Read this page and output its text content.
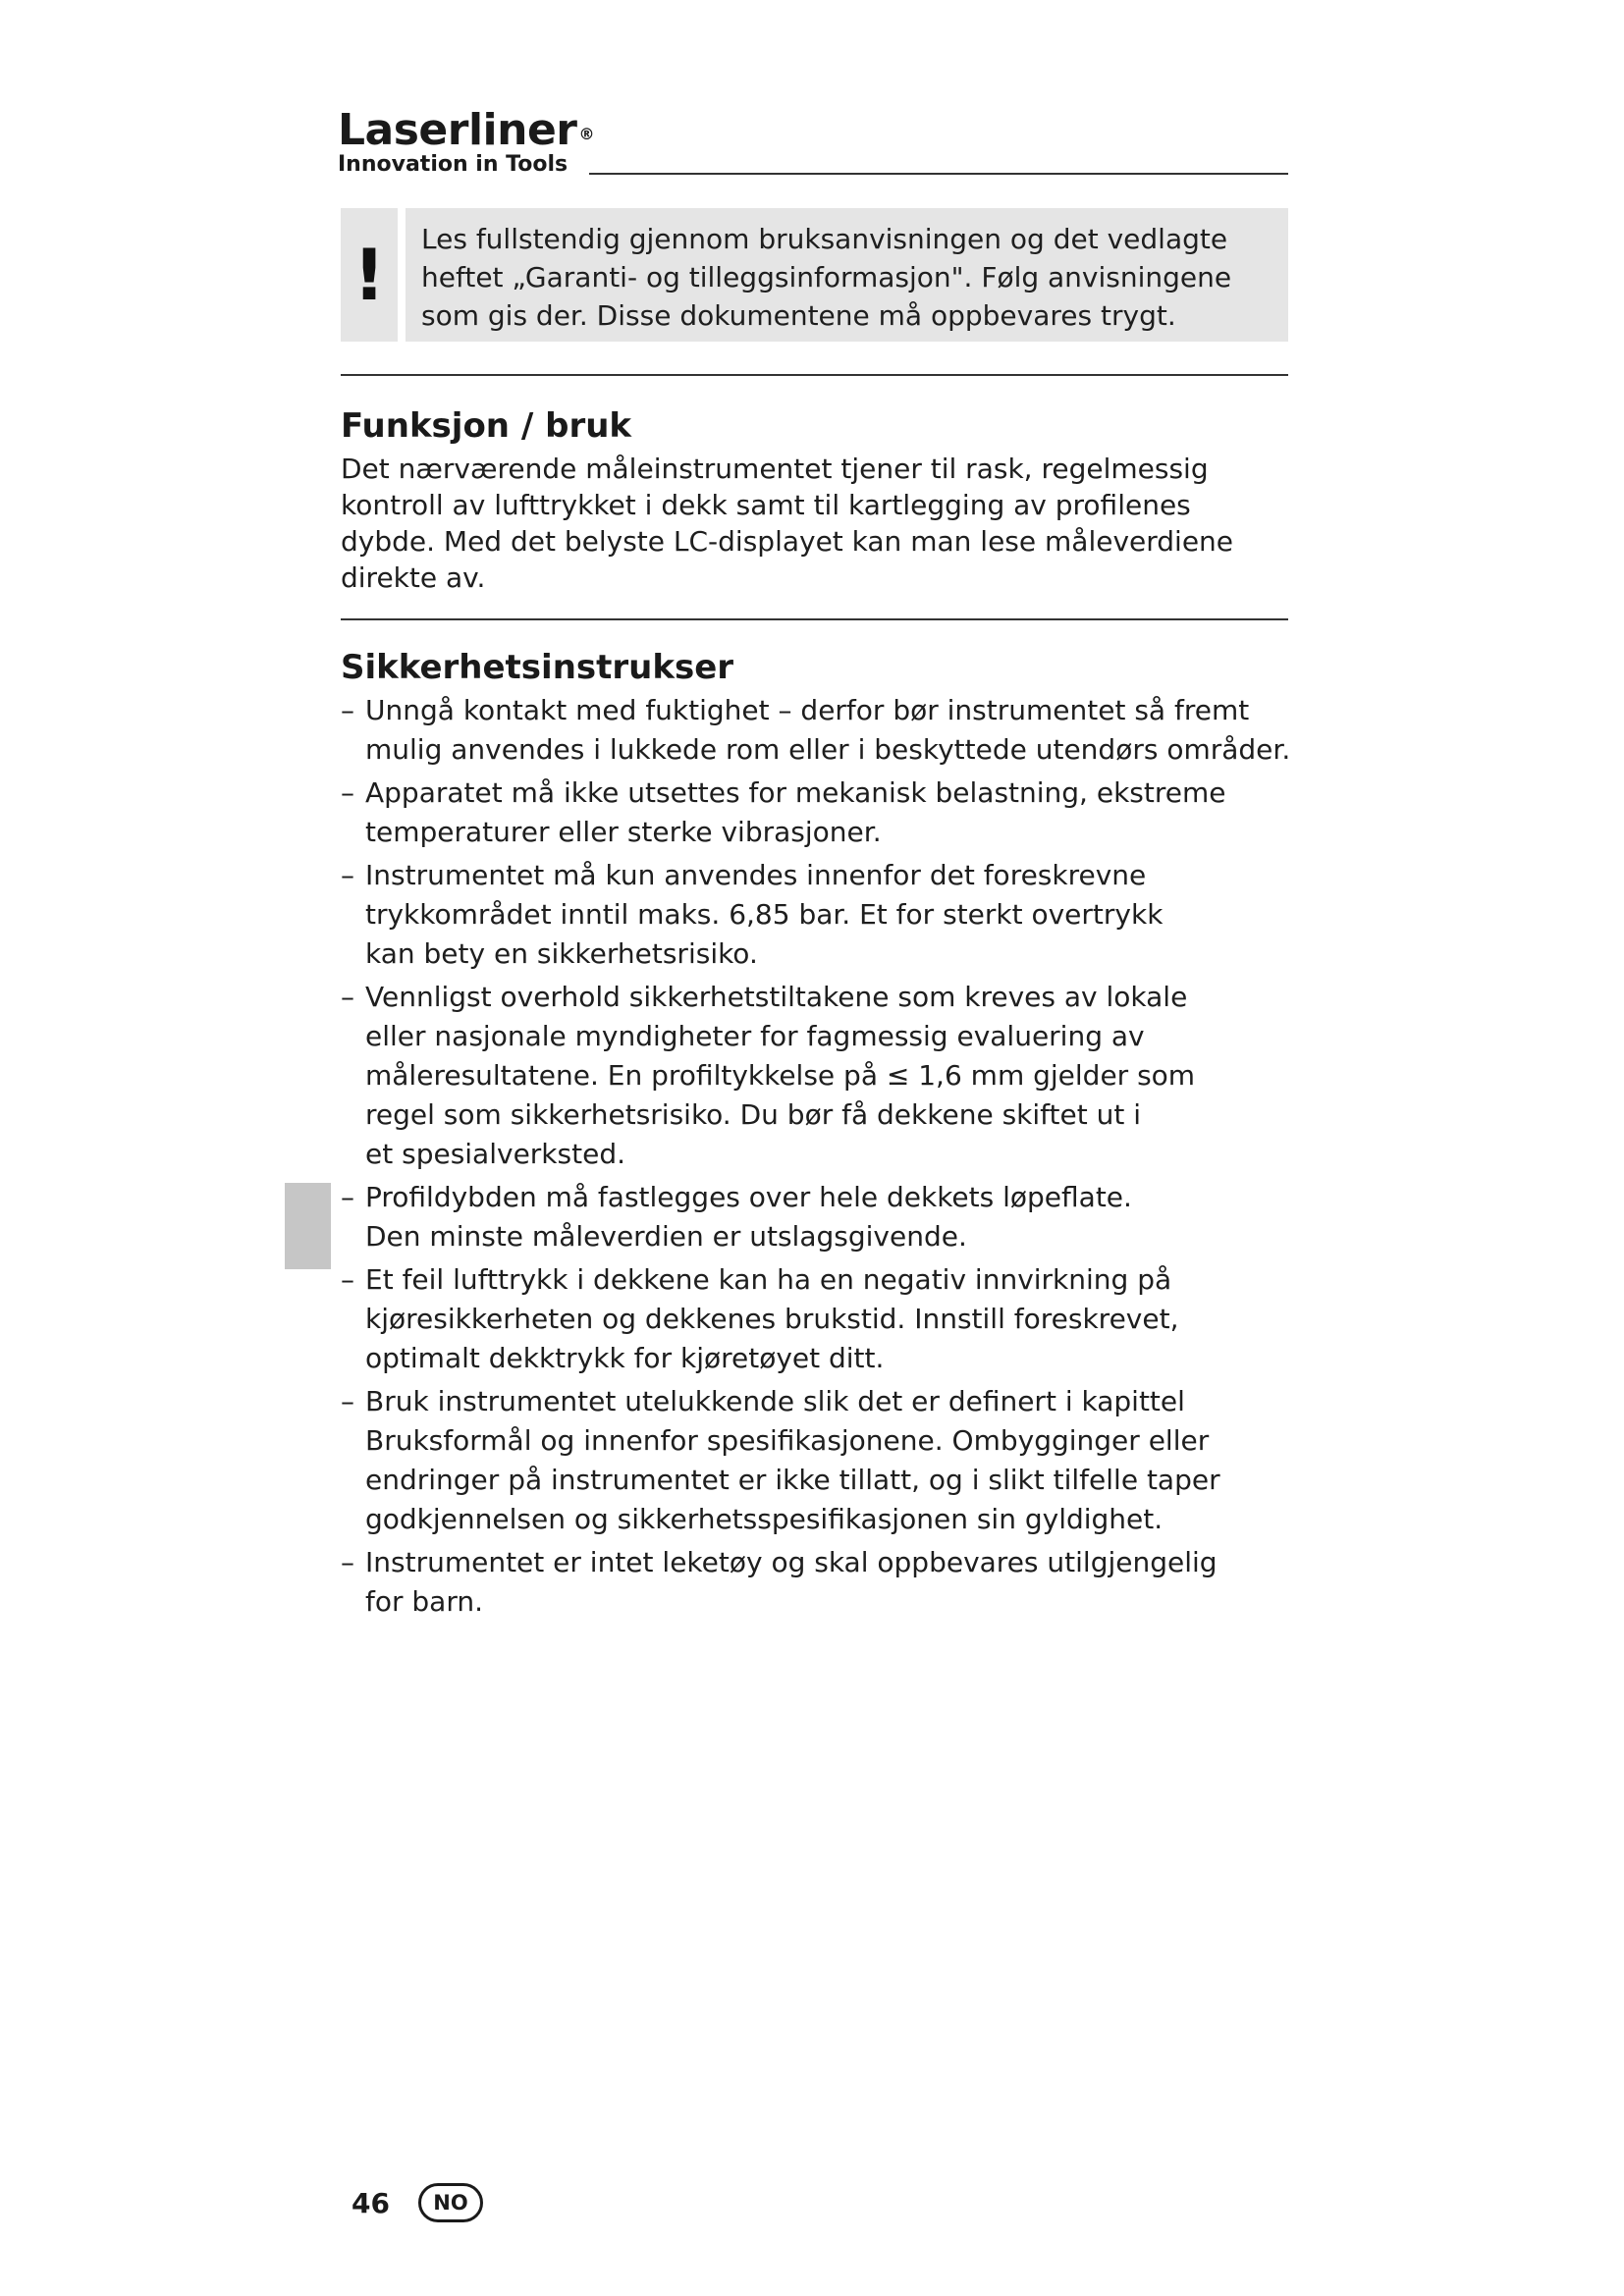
Laserliner ®
Innovation in Tools
!	Les fullstendig gjennom bruksanvisningen og det vedlagte
heftet „Garanti- og tilleggsinformasjon". Følg anvisningene
som gis der. Disse dokumentene må oppbevares trygt.
Funksjon / bruk
Det nærværende måleinstrumentet tjener til rask, regelmessig
kontroll av lufttrykket i dekk samt til kartlegging av profilenes
dybde. Med det belyste LC-displayet kan man lese måleverdiene
direkte av.
Sikkerhetsinstrukser
– Unngå kontakt med fuktighet – derfor bør instrumentet så fremt
mulig anvendes i lukkede rom eller i beskyttede utendørs områder.
– Apparatet må ikke utsettes for mekanisk belastning, ekstreme
temperaturer eller sterke vibrasjoner.
– Instrumentet må kun anvendes innenfor det foreskrevne
trykkområdet inntil maks. 6,85 bar. Et for sterkt overtrykk
kan bety en sikkerhetsrisiko.
– Vennligst overhold sikkerhetstiltakene som kreves av lokale
eller nasjonale myndigheter for fagmessig evaluering av
måleresultatene. En profiltykkelse på ≤ 1,6 mm gjelder som
regel som sikkerhetsrisiko. Du bør få dekkene skiftet ut i
et spesialverksted.
– Profildybden må fastlegges over hele dekkets løpeflate.
Den minste måleverdien er utslagsgivende.
– Et feil lufttrykk i dekkene kan ha en negativ innvirkning på
kjøresikkerheten og dekkenes brukstid. Innstill foreskrevet,
optimalt dekktrykk for kjøretøyet ditt.
– Bruk instrumentet utelukkende slik det er definert i kapittel
Bruksformål og innenfor spesifikasjonene. Ombygginger eller
endringer på instrumentet er ikke tillatt, og i slikt tilfelle taper
godkjennelsen og sikkerhetsspesifikasjonen sin gyldighet.
– Instrumentet er intet leketøy og skal oppbevares utilgjengelig
for barn.
46	NO
